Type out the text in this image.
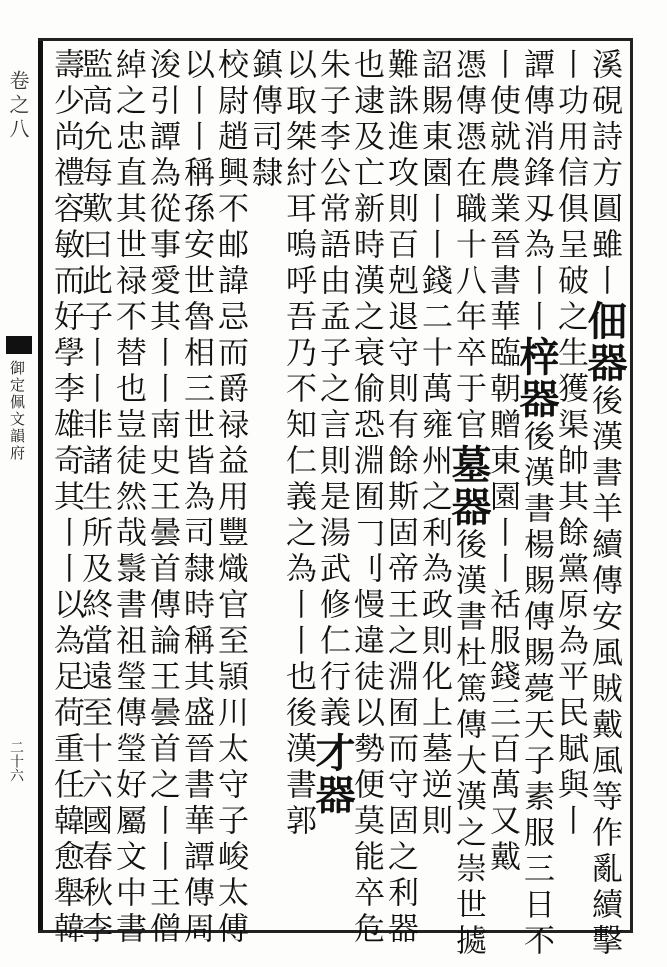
卷之八
御定佩文韻府
二十六
溪硯詩方圓雖丨佃器後漢書羊續傳安風賊戴風等作亂續擊
丨功用信俱呈破之生獲渠帥其餘黨原為平民賦與丨
譚傳消鋒刄為丨丨梓器後漢書楊賜傳賜薨天子素服三日不
丨使就農業晉書華臨朝贈東園丨丨䄆服錢三百萬又戴
憑傳憑在職十八年卒于官墓器後漢書杜篤傳大漢之崇世㨿
詔賜東園丨丨錢二十萬雍州之利為政則化上墓逆則
難誅進攻則百剋退守則有餘斯固帝王之淵囿而守固之利器
也逮及亡新時漢之衰偷恐淵囿𠃌刂慢違徒以勢便莫能卒危
朱子李公常語由孟子之言則是湯武修仁行義才器
以取桀紂耳嗚呼吾乃不知仁義之為丨丨也後漢書郭
鎮傳司隸
校尉趙興不邮諱忌而爵禄益用豐熾官至頴川太守子峻太傅
以丨丨稱孫安世魯相三世皆為司隸時稱其盛晉書華譚傳周
浚引譚為從事愛其丨丨南史王曇首傳論王曇首之丨丨王僧
綽之忠直其世禄不替也豈徒然哉䰁書祖瑩傳瑩好屬文中書
監高允每歎曰此子丨丨非諸生所及終當遠至十六國春秋李
壽少尚禮容敏而好學李雄奇其丨丨以為足荷重任韓愈舉韓
